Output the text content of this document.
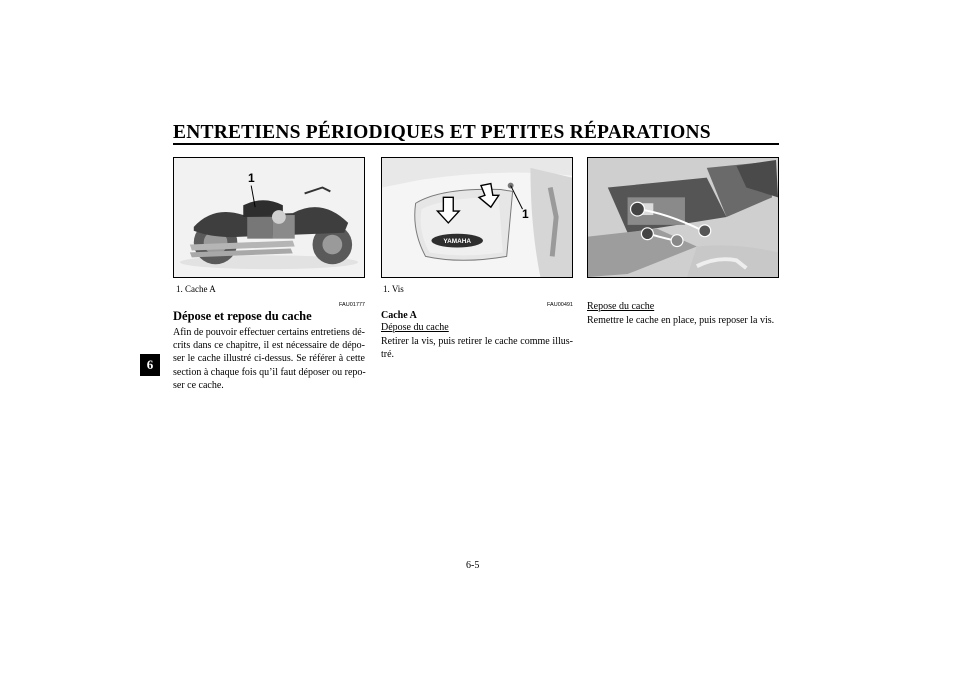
ENTRETIENS PÉRIODIQUES ET PETITES RÉPARATIONS
6
1
YAMAHA
1
1. Cache A	1. Vis
FAU01777	FAU00491
Dépose et repose du cache
Afin de pouvoir effectuer certains entretiens dé-
crits dans ce chapitre, il est nécessaire de dépo-
ser le cache illustré ci-dessus. Se référer à cette
section à chaque fois qu’il faut déposer ou repo-
ser ce cache.
Cache A
Dépose du cache
Retirer la vis, puis retirer le cache comme illus-
tré.
Repose du cache
Remettre le cache en place, puis reposer la vis.
6-5
